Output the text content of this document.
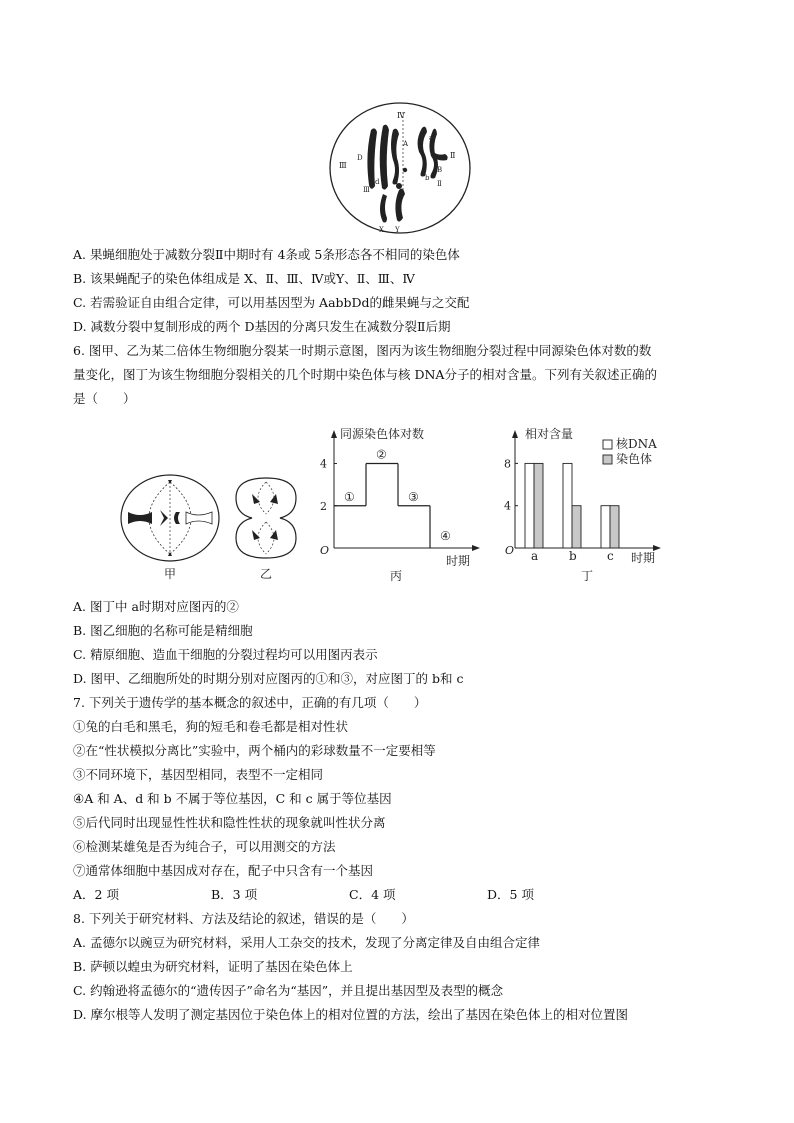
Ⅳ
Ⅲ
Ⅱ
Ⅲ
Ⅱ
D
d
A
a
b
B
X Y
A. 果蝇细胞处于减数分裂Ⅱ中期时有 4条或 5条形态各不相同的染色体
B. 该果蝇配子的染色体组成是 X、Ⅱ、Ⅲ、Ⅳ或Y、Ⅱ、Ⅲ、Ⅳ
C. 若需验证自由组合定律，可以用基因型为 AabbDd的雌果蝇与之交配
D. 减数分裂中复制形成的两个 D基因的分离只发生在减数分裂Ⅱ后期
6. 图甲、乙为某二倍体生物细胞分裂某一时期示意图，图丙为该生物细胞分裂过程中同源染色体对数的数
量变化，图丁为该生物细胞分裂相关的几个时期中染色体与核 DNA分子的相对含量。下列有关叙述正确的
是（　　）
甲	乙
同源染色体对数
时期
O
2
4
①
②
③
④
丙
相对含量
时期
O
核DNA
染色体
4
8
a	b	c
丁
A. 图丁中 a时期对应图丙的②
B. 图乙细胞的名称可能是精细胞
C. 精原细胞、造血干细胞的分裂过程均可以用图丙表示
D. 图甲、乙细胞所处的时期分别对应图丙的①和③，对应图丁的 b和 c
7. 下列关于遗传学的基本概念的叙述中，正确的有几项（　　）
①兔的白毛和黑毛，狗的短毛和卷毛都是相对性状
②在“性状模拟分离比”实验中，两个桶内的彩球数量不一定要相等
③不同环境下，基因型相同，表型不一定相同
④A 和 A、d 和 b 不属于等位基因，C 和 c 属于等位基因
⑤后代同时出现显性性状和隐性性状的现象就叫性状分离
⑥检测某雄兔是否为纯合子，可以用测交的方法
⑦通常体细胞中基因成对存在，配子中只含有一个基因
A．2 项	B．3 项	C．4 项	D．5 项
8. 下列关于研究材料、方法及结论的叙述，错误的是（　　）
A. 孟德尔以豌豆为研究材料，采用人工杂交的技术，发现了分离定律及自由组合定律
B. 萨顿以蝗虫为研究材料，证明了基因在染色体上
C. 约翰逊将孟德尔的“遗传因子”命名为“基因”，并且提出基因型及表型的概念
D. 摩尔根等人发明了测定基因位于染色体上的相对位置的方法，绘出了基因在染色体上的相对位置图
